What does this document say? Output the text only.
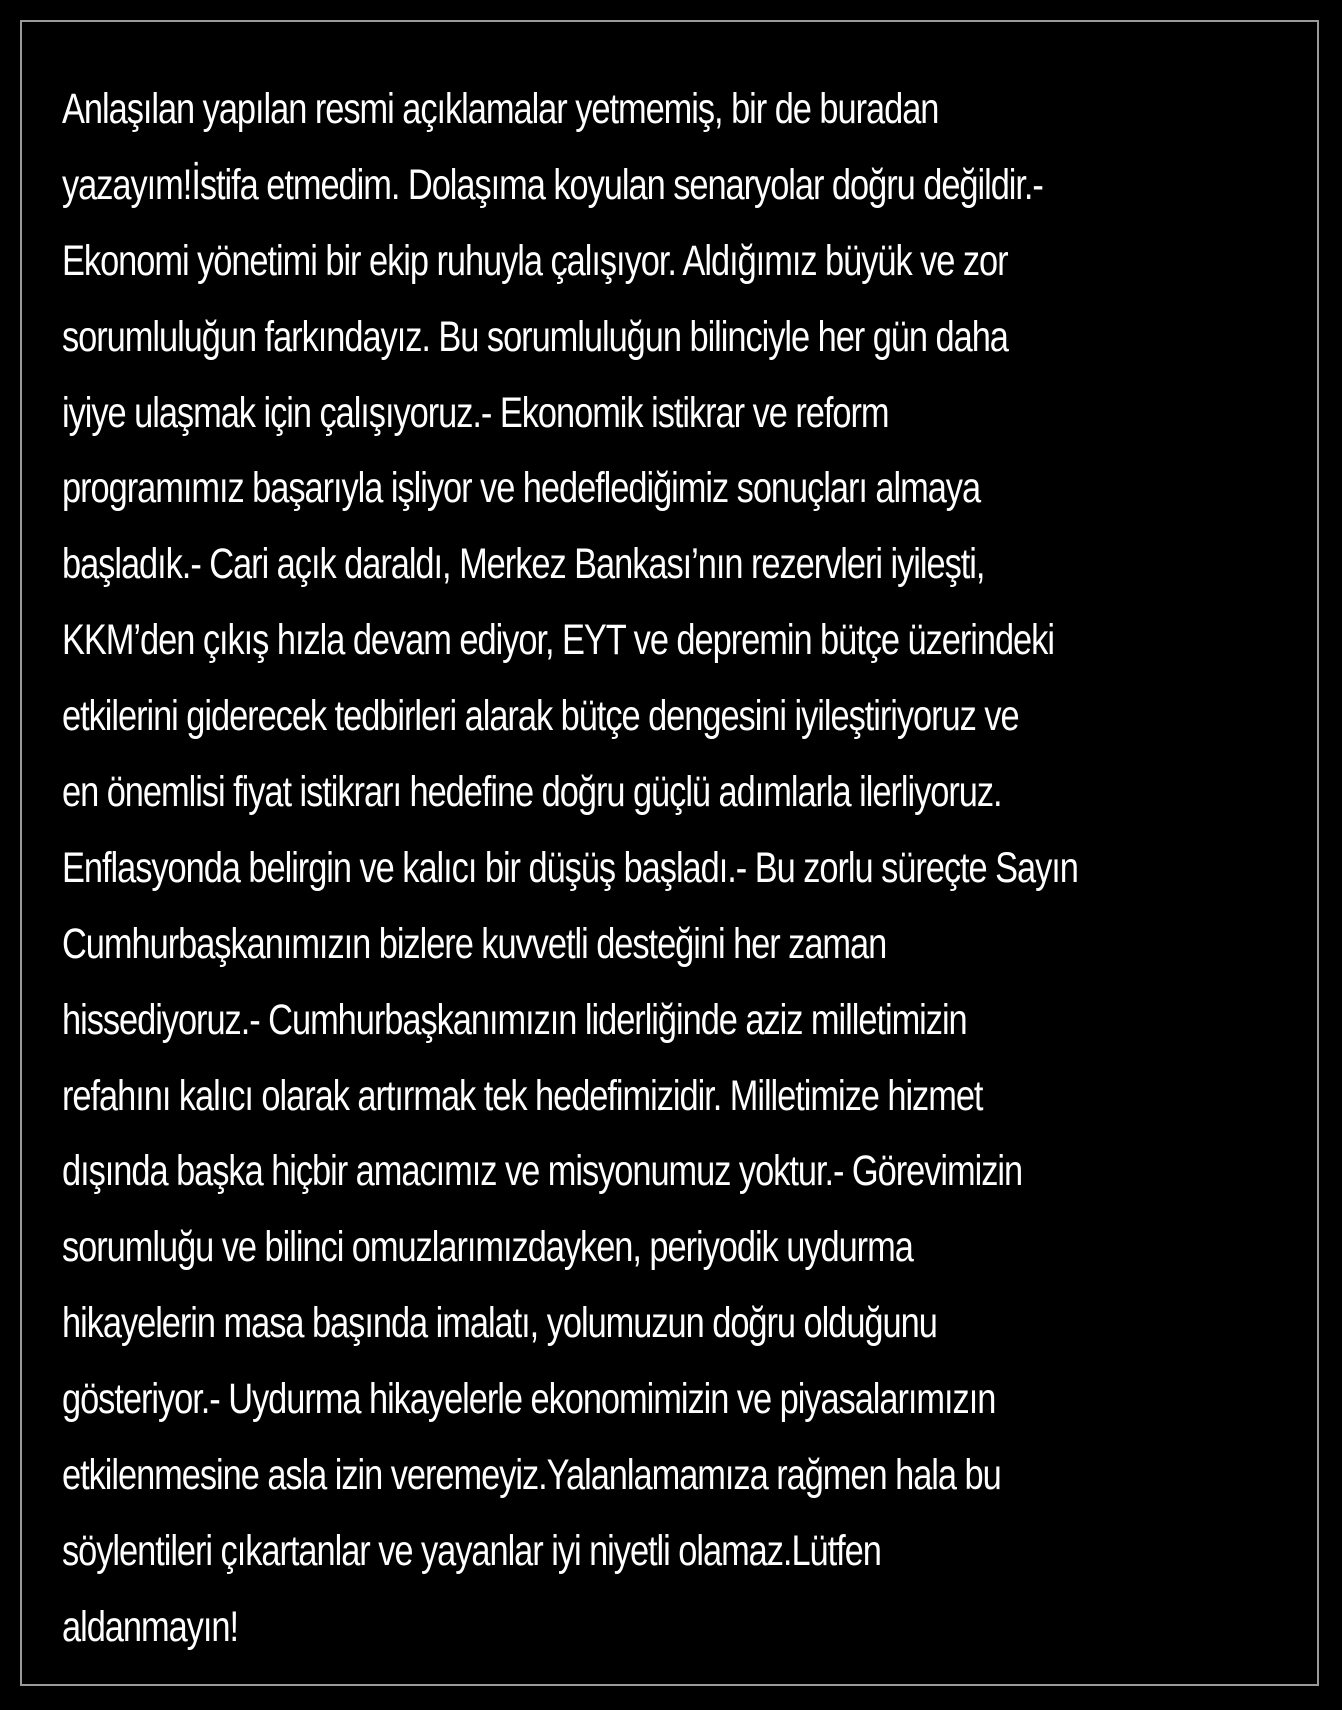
Anlaşılan yapılan resmi açıklamalar yetmemiş, bir de buradan
yazayım!İstifa etmedim. Dolaşıma koyulan senaryolar doğru değildir.-
Ekonomi yönetimi bir ekip ruhuyla çalışıyor. Aldığımız büyük ve zor
sorumluluğun farkındayız. Bu sorumluluğun bilinciyle her gün daha
iyiye ulaşmak için çalışıyoruz.- Ekonomik istikrar ve reform
programımız başarıyla işliyor ve hedeflediğimiz sonuçları almaya
başladık.- Cari açık daraldı, Merkez Bankası’nın rezervleri iyileşti,
KKM’den çıkış hızla devam ediyor, EYT ve depremin bütçe üzerindeki
etkilerini giderecek tedbirleri alarak bütçe dengesini iyileştiriyoruz ve
en önemlisi fiyat istikrarı hedefine doğru güçlü adımlarla ilerliyoruz.
Enflasyonda belirgin ve kalıcı bir düşüş başladı.- Bu zorlu süreçte Sayın
Cumhurbaşkanımızın bizlere kuvvetli desteğini her zaman
hissediyoruz.- Cumhurbaşkanımızın liderliğinde aziz milletimizin
refahını kalıcı olarak artırmak tek hedefimizidir. Milletimize hizmet
dışında başka hiçbir amacımız ve misyonumuz yoktur.- Görevimizin
sorumluğu ve bilinci omuzlarımızdayken, periyodik uydurma
hikayelerin masa başında imalatı, yolumuzun doğru olduğunu
gösteriyor.- Uydurma hikayelerle ekonomimizin ve piyasalarımızın
etkilenmesine asla izin veremeyiz.Yalanlamamıza rağmen hala bu
söylentileri çıkartanlar ve yayanlar iyi niyetli olamaz.Lütfen
aldanmayın!
